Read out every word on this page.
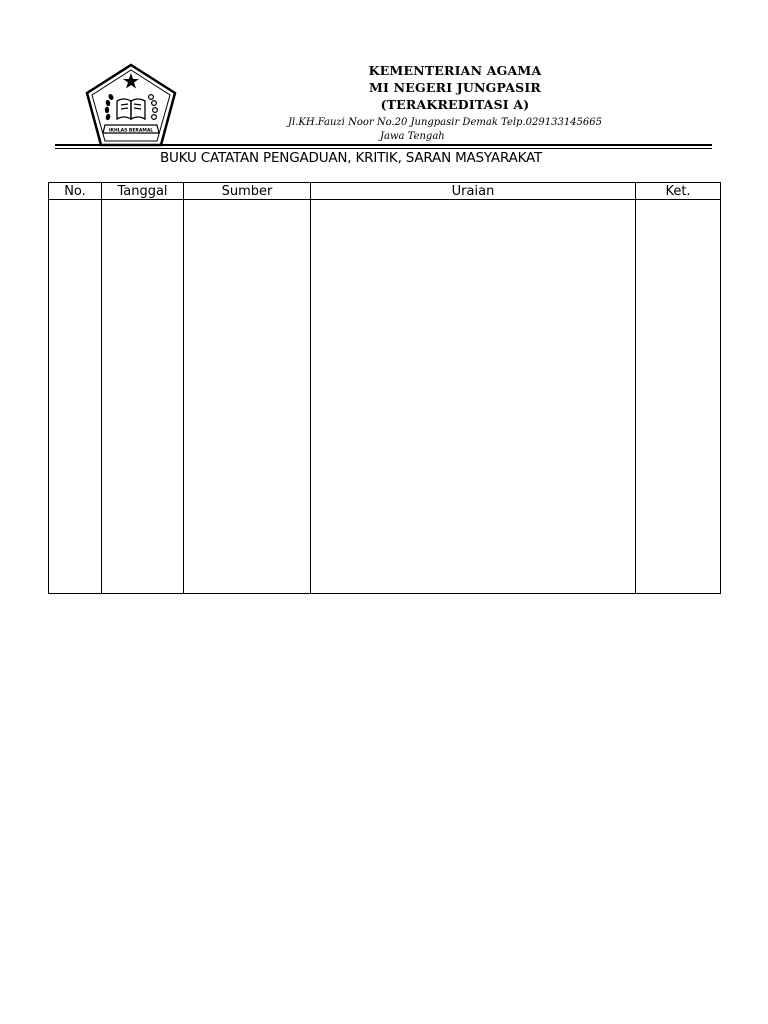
IKHLAS BERAMAL
KEMENTERIAN AGAMA
MI NEGERI JUNGPASIR
(TERAKREDITASI A)
Jl.KH.Fauzi Noor No.20 Jungpasir Demak Telp.029133145665
Jawa Tengah
BUKU CATATAN PENGADUAN, KRITIK, SARAN MASYARAKAT
No.	Tanggal	Sumber	Uraian	Ket.
